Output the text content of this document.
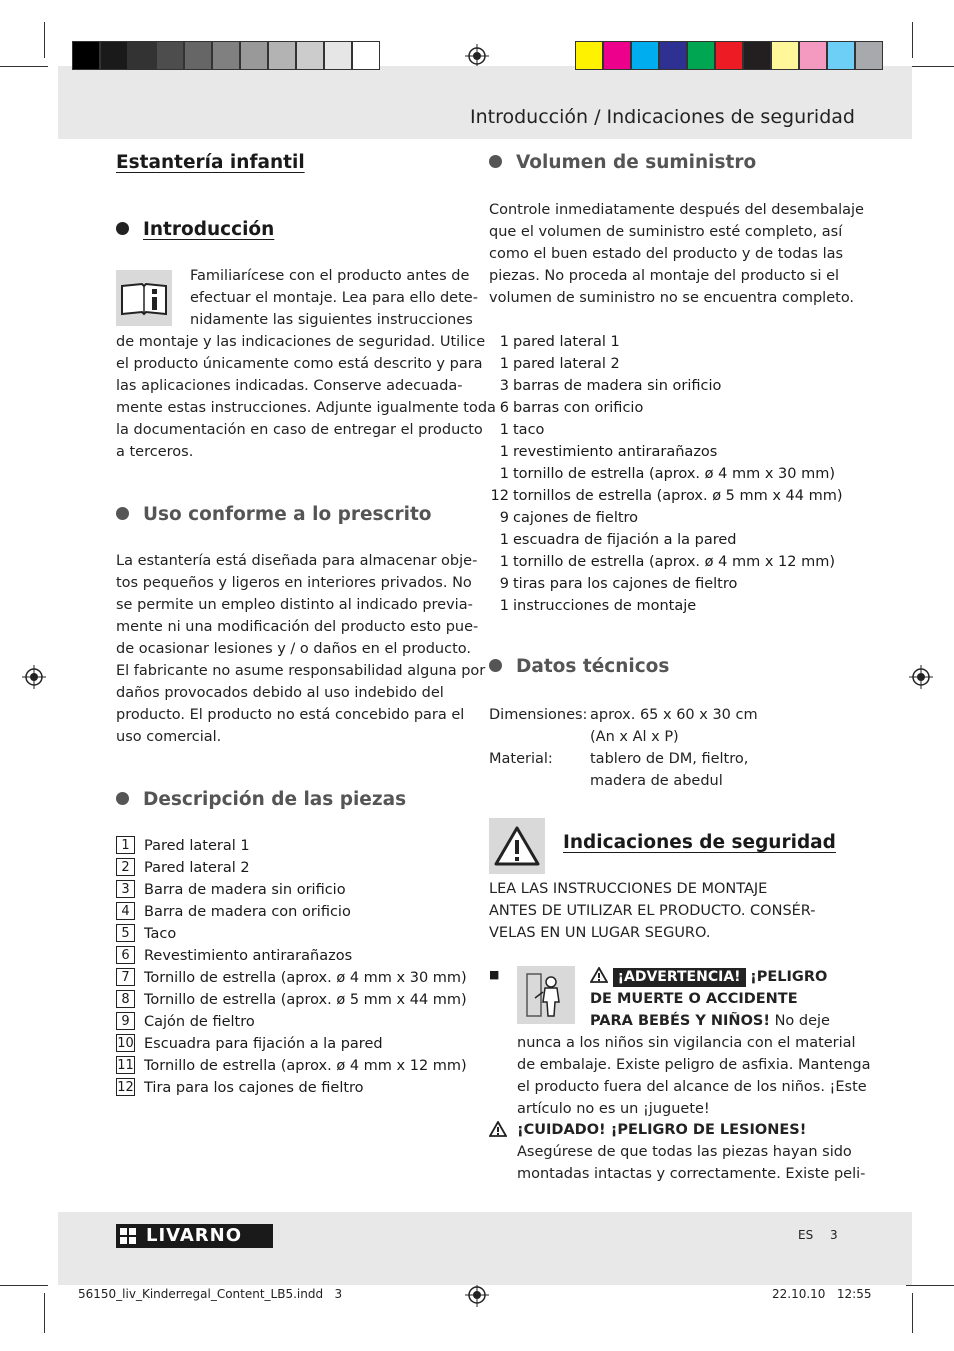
Introducción / Indicaciones de seguridad
Estantería infantil
Introducción
Familiarícese con el producto antes de
efectuar el montaje. Lea para ello dete-
nidamente las siguientes instrucciones
de montaje y las indicaciones de seguridad. Utilice
el producto únicamente como está descrito y para
las aplicaciones indicadas. Conserve adecuada-
mente estas instrucciones. Adjunte igualmente toda
la documentación en caso de entregar el producto
a terceros.
Uso conforme a lo prescrito
La estantería está diseñada para almacenar obje-
tos pequeños y ligeros en interiores privados. No
se permite un empleo distinto al indicado previa-
mente ni una modificación del producto esto pue-
de ocasionar lesiones y / o daños en el producto.
El fabricante no asume responsabilidad alguna por
daños provocados debido al uso indebido del
producto. El producto no está concebido para el
uso comercial.
Descripción de las piezas
1 Pared lateral 1
2 Pared lateral 2
3 Barra de madera sin orificio
4 Barra de madera con orificio
5 Taco
6 Revestimiento antirarañazos
7 Tornillo de estrella (aprox. ø 4 mm x 30 mm)
8 Tornillo de estrella (aprox. ø 5 mm x 44 mm)
9 Cajón de fieltro
10 Escuadra para fijación a la pared
11 Tornillo de estrella (aprox. ø 4 mm x 12 mm)
12 Tira para los cajones de fieltro
Volumen de suministro
Controle inmediatamente después del desembalaje
que el volumen de suministro esté completo, así
como el buen estado del producto y de todas las
piezas. No proceda al montaje del producto si el
volumen de suministro no se encuentra completo.
1 pared lateral 1
1 pared lateral 2
3 barras de madera sin orificio
6 barras con orificio
1 taco
1 revestimiento antirarañazos
1 tornillo de estrella (aprox. ø 4 mm x 30 mm)
12 tornillos de estrella (aprox. ø 5 mm x 44 mm)
9 cajones de fieltro
1 escuadra de fijación a la pared
1 tornillo de estrella (aprox. ø 4 mm x 12 mm)
9 tiras para los cajones de fieltro
1 instrucciones de montaje
Datos técnicos
Dimensiones: aprox. 65 x 60 x 30 cm
(An x Al x P)
Material:	tablero de DM, fieltro,
madera de abedul
Indicaciones de seguridad
LEA LAS INSTRUCCIONES DE MONTAJE
ANTES DE UTILIZAR EL PRODUCTO. CONSÉR-
VELAS EN UN LUGAR SEGURO.
■	¡ADVERTENCIA! ¡PELIGRO
DE MUERTE O ACCIDENTE
PARA BEBÉS Y NIÑOS! No deje
nunca a los niños sin vigilancia con el material
de embalaje. Existe peligro de asfixia. Mantenga
el producto fuera del alcance de los niños. ¡Este
artículo no es un ¡juguete!
¡CUIDADO! ¡PELIGRO DE LESIONES!
Asegúrese de que todas las piezas hayan sido
montadas intactas y correctamente. Existe peli-
LIVARNO	ES 3
56150_liv_Kinderregal_Content_LB5.indd   3	22.10.10   12:55
